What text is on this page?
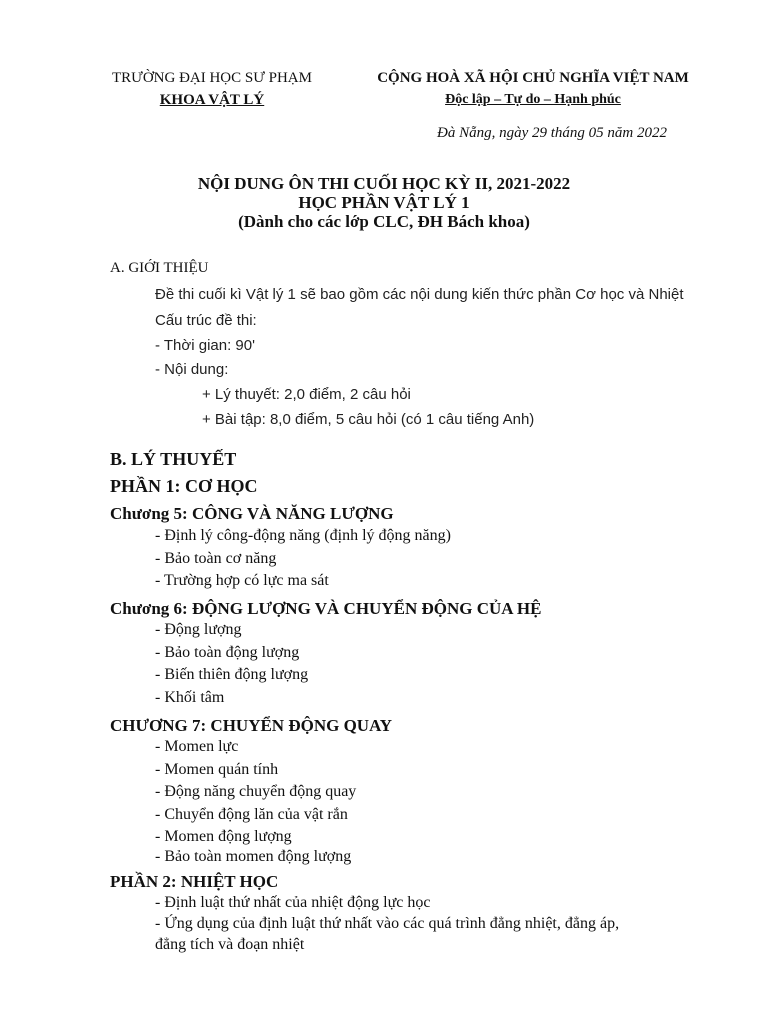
TRƯỜNG ĐẠI HỌC SƯ PHẠM
KHOA VẬT LÝ
CỘNG HOÀ XÃ HỘI CHỦ NGHĨA VIỆT NAM
Độc lập – Tự do – Hạnh phúc
Đà Nẵng, ngày 29 tháng 05 năm 2022
NỘI DUNG ÔN THI CUỐI HỌC KỲ II, 2021-2022
HỌC PHẦN VẬT LÝ 1
(Dành cho các lớp CLC, ĐH Bách khoa)
A. GIỚI THIỆU
Đề thi cuối kì Vật lý 1 sẽ bao gồm các nội dung kiến thức phần Cơ học và Nhiệt
Cấu trúc đề thi:
- Thời gian: 90'
- Nội dung:
+ Lý thuyết: 2,0 điểm, 2 câu hỏi
+ Bài tập: 8,0 điểm, 5 câu hỏi (có 1 câu tiếng Anh)
B. LÝ THUYẾT
PHẦN 1: CƠ HỌC
Chương 5: CÔNG VÀ NĂNG LƯỢNG
- Định lý công-động năng (định lý động năng)
- Bảo toàn cơ năng
- Trường hợp có lực ma sát
Chương 6: ĐỘNG LƯỢNG VÀ CHUYỂN ĐỘNG CỦA HỆ
- Động lượng
- Bảo toàn động lượng
- Biến thiên động lượng
- Khối tâm
CHƯƠNG 7: CHUYỂN ĐỘNG QUAY
- Momen lực
- Momen quán tính
- Động năng chuyển động quay
- Chuyển động lăn của vật rắn
- Momen động lượng
- Bảo toàn momen động lượng
PHẦN 2: NHIỆT HỌC
- Định luật thứ nhất của nhiệt động lực học
- Ứng dụng của định luật thứ nhất vào các quá trình đẳng nhiệt, đẳng áp,
đẳng tích và đoạn nhiệt
